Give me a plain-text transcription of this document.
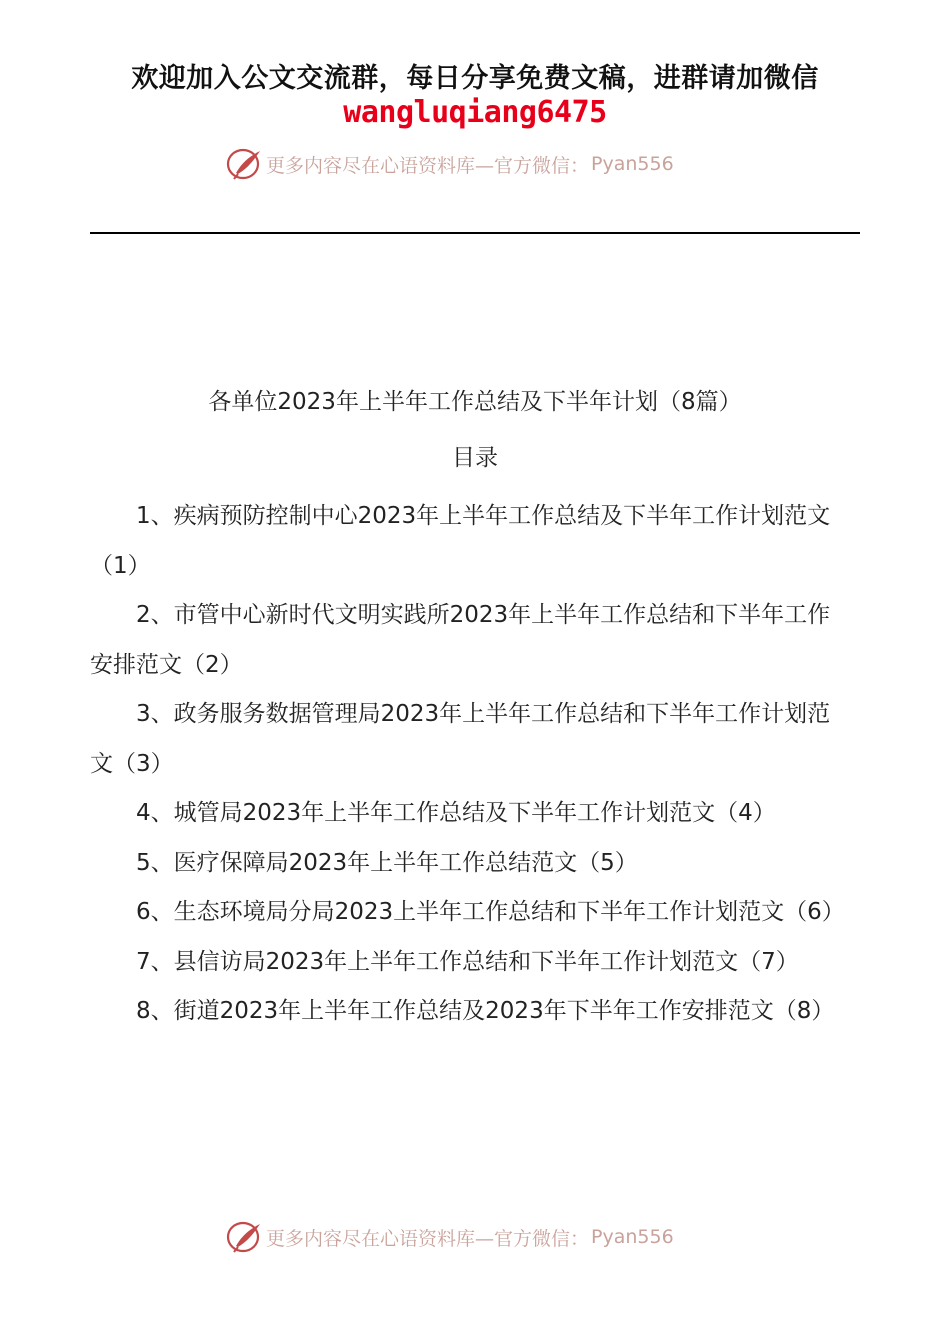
欢迎加入公文交流群，每日分享免费文稿，进群请加微信
wangluqiang6475
更多内容尽在心语资料库—官方微信： Pyan556
各单位2023年上半年工作总结及下半年计划（8篇）
目录

1、疾病预防控制中心2023年上半年工作总结及下半年工作计划范文（1）

2、市管中心新时代文明实践所2023年上半年工作总结和下半年工作安排范文（2）

3、政务服务数据管理局2023年上半年工作总结和下半年工作计划范文（3）

4、城管局2023年上半年工作总结及下半年工作计划范文（4）

5、医疗保障局2023年上半年工作总结范文（5）

6、生态环境局分局2023上半年工作总结和下半年工作计划范文（6）

7、县信访局2023年上半年工作总结和下半年工作计划范文（7）

8、街道2023年上半年工作总结及2023年下半年工作安排范文（8）

更多内容尽在心语资料库—官方微信： Pyan556
